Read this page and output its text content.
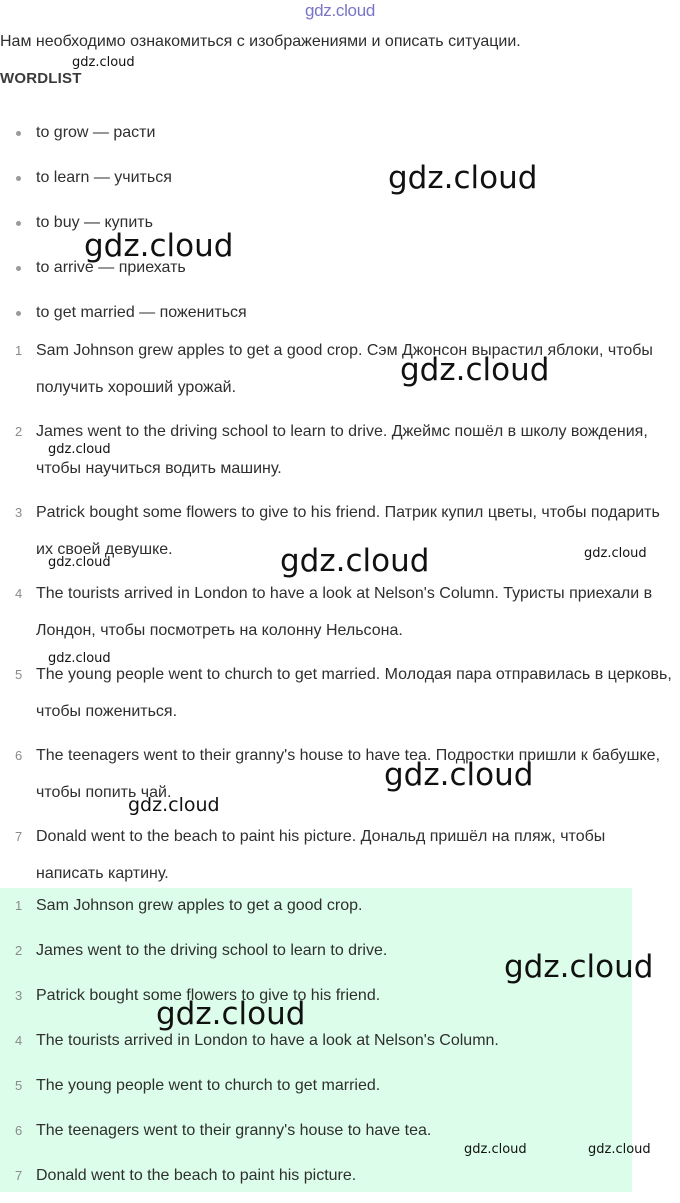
gdz.cloud
Нам необходимо ознакомиться с изображениями и описать ситуации.
WORDLIST
to grow — расти
to learn — учиться
to buy — купить
to arrive — приехать
to get married — пожениться
1 Sam Johnson grew apples to get a good crop. Сэм Джонсон вырастил яблоки, чтобы получить хороший урожай.
2 James went to the driving school to learn to drive. Джеймс пошёл в школу вождения, чтобы научиться водить машину.
3 Patrick bought some flowers to give to his friend. Патрик купил цветы, чтобы подарить их своей девушке.
4 The tourists arrived in London to have a look at Nelson's Column. Туристы приехали в Лондон, чтобы посмотреть на колонну Нельсона.
5 The young people went to church to get married. Молодая пара отправилась в церковь, чтобы пожениться.
6 The teenagers went to their granny's house to have tea. Подростки пришли к бабушке, чтобы попить чай.
7 Donald went to the beach to paint his picture. Дональд пришёл на пляж, чтобы написать картину.
1 Sam Johnson grew apples to get a good crop.
2 James went to the driving school to learn to drive.
3 Patrick bought some flowers to give to his friend.
4 The tourists arrived in London to have a look at Nelson's Column.
5 The young people went to church to get married.
6 The teenagers went to their granny's house to have tea.
7 Donald went to the beach to paint his picture.
gdz.cloud
gdz.cloud
gdz.cloud
gdz.cloud
gdz.cloud
gdz.cloud
gdz.cloud
gdz.cloud
gdz.cloud
gdz.cloud
gdz.cloud
gdz.cloud
gdz.cloud
gdz.cloud	gdz.cloud
